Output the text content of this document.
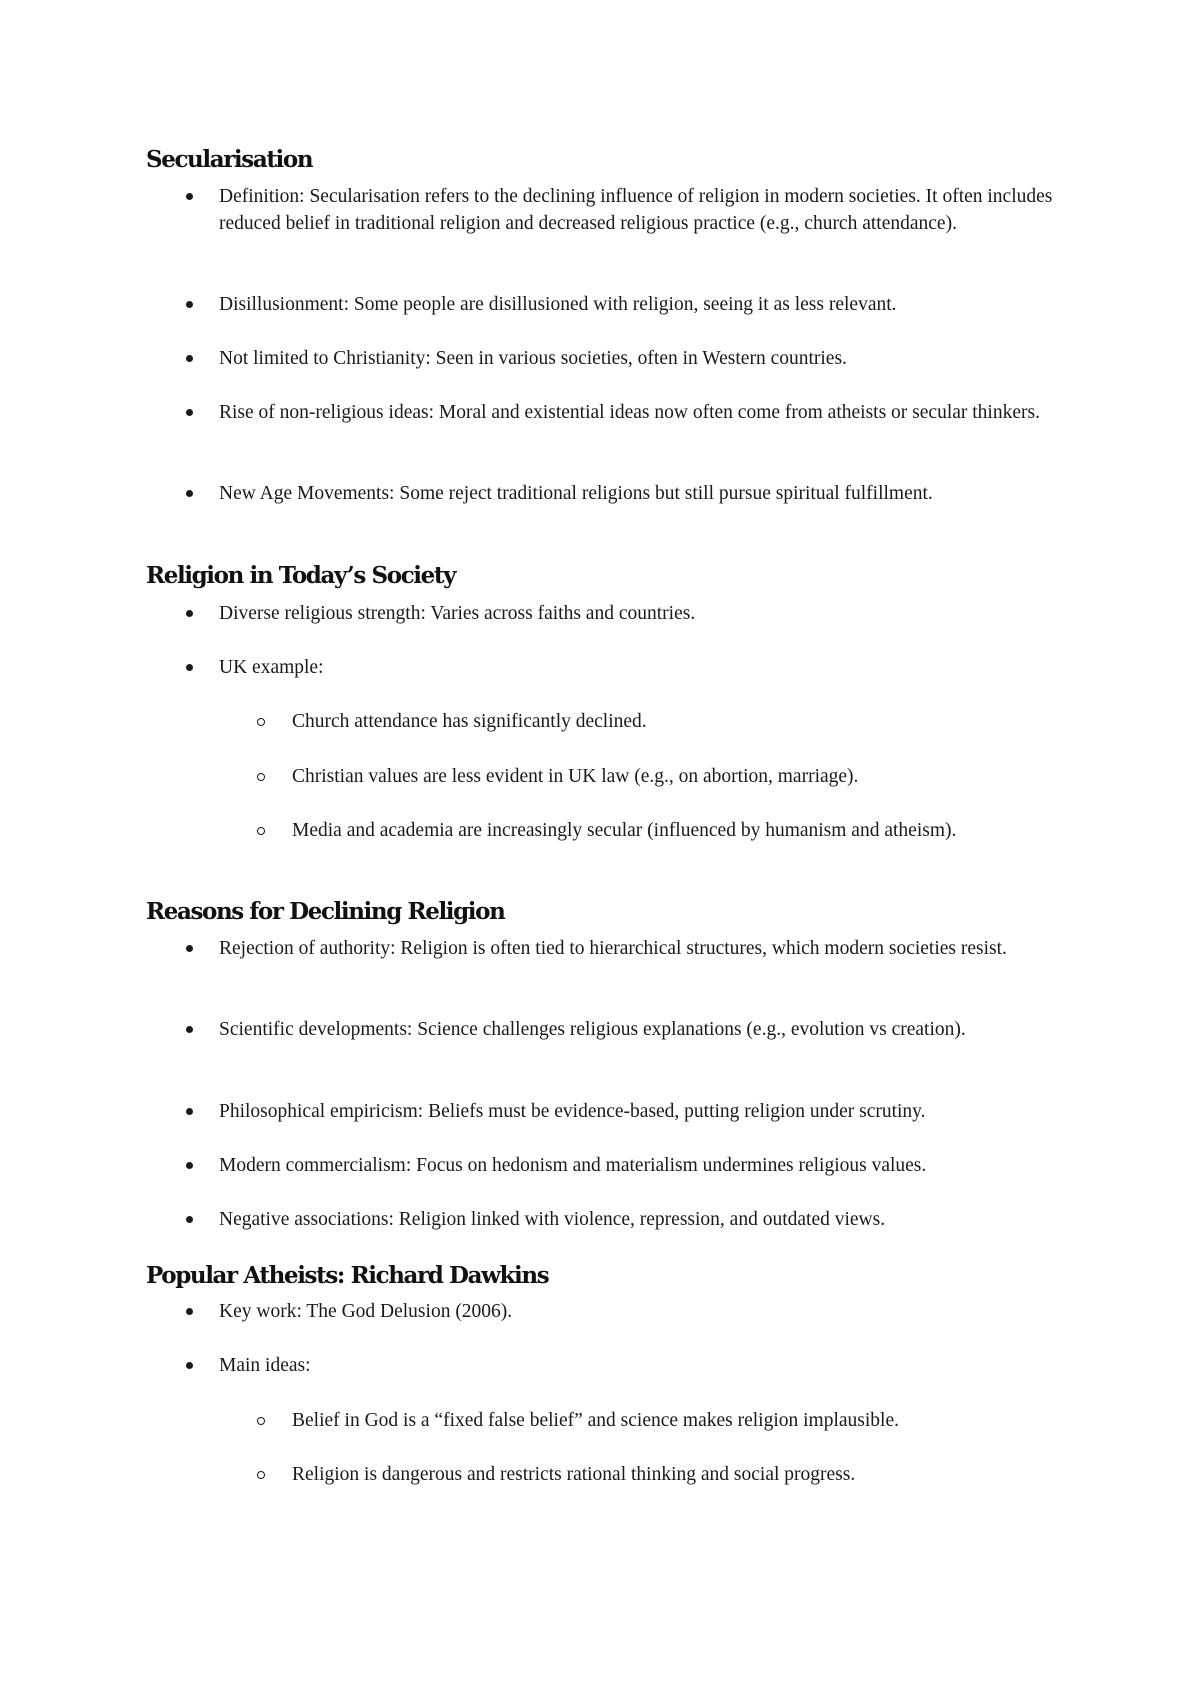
Secularisation
Definition: Secularisation refers to the declining influence of religion in modern societies. It often includes reduced belief in traditional religion and decreased religious practice (e.g., church attendance).
Disillusionment: Some people are disillusioned with religion, seeing it as less relevant.
Not limited to Christianity: Seen in various societies, often in Western countries.
Rise of non-religious ideas: Moral and existential ideas now often come from atheists or secular thinkers.
New Age Movements: Some reject traditional religions but still pursue spiritual fulfillment.
Religion in Today’s Society
Diverse religious strength: Varies across faiths and countries.
UK example:
Church attendance has significantly declined.
Christian values are less evident in UK law (e.g., on abortion, marriage).
Media and academia are increasingly secular (influenced by humanism and atheism).
Reasons for Declining Religion
Rejection of authority: Religion is often tied to hierarchical structures, which modern societies resist.
Scientific developments: Science challenges religious explanations (e.g., evolution vs creation).
Philosophical empiricism: Beliefs must be evidence-based, putting religion under scrutiny.
Modern commercialism: Focus on hedonism and materialism undermines religious values.
Negative associations: Religion linked with violence, repression, and outdated views.
Popular Atheists: Richard Dawkins
Key work: The God Delusion (2006).
Main ideas:
Belief in God is a “fixed false belief” and science makes religion implausible.
Religion is dangerous and restricts rational thinking and social progress.
